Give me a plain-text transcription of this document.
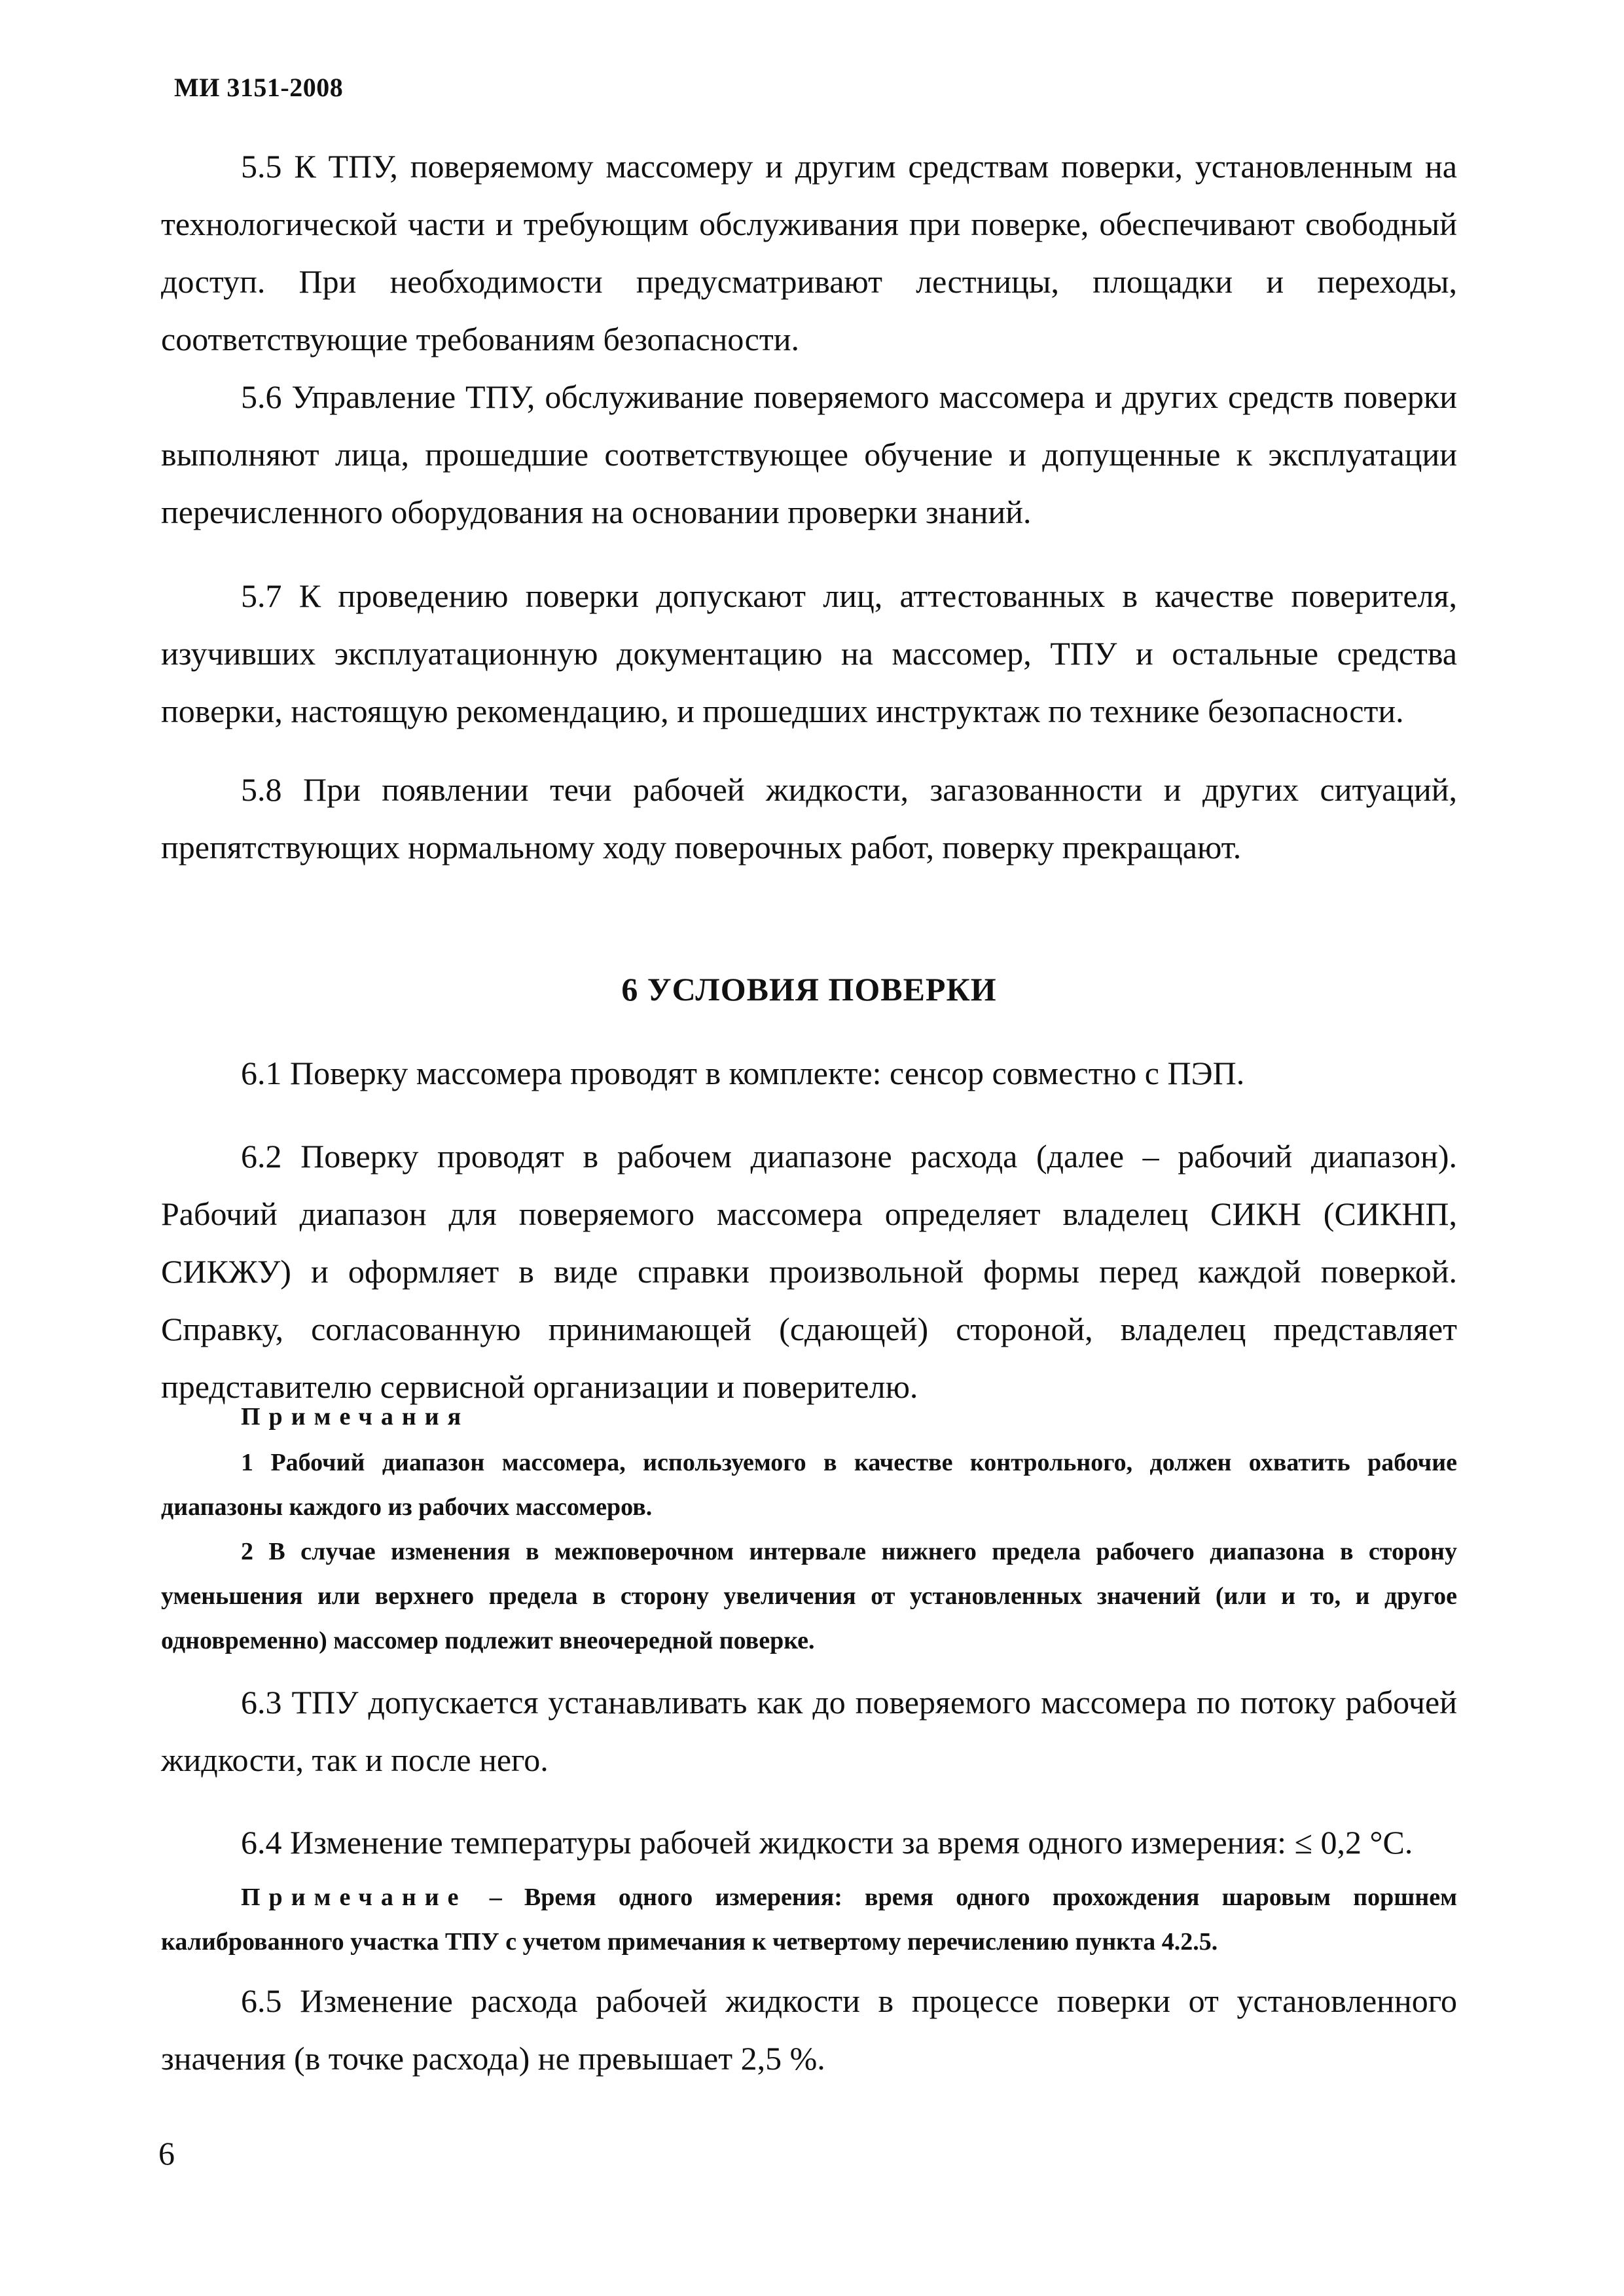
МИ 3151-2008

5.5 К ТПУ, поверяемому массомеру и другим средствам поверки, установленным на технологической части и требующим обслуживания при поверке, обеспечивают свободный доступ. При необходимости предусматривают лестницы, площадки и переходы, соответствующие требованиям безопасности.

5.6 Управление ТПУ, обслуживание поверяемого массомера и других средств поверки выполняют лица, прошедшие соответствующее обучение и допущенные к эксплуатации перечисленного оборудования на основании проверки знаний.

5.7 К проведению поверки допускают лиц, аттестованных в качестве поверителя, изучивших эксплуатационную документацию на массомер, ТПУ и остальные средства поверки, настоящую рекомендацию, и прошедших инструктаж по технике безопасности.

5.8 При появлении течи рабочей жидкости, загазованности и других ситуаций, препятствующих нормальному ходу поверочных работ, поверку прекращают.

6 УСЛОВИЯ ПОВЕРКИ

6.1 Поверку массомера проводят в комплекте: сенсор совместно с ПЭП.

6.2 Поверку проводят в рабочем диапазоне расхода (далее – рабочий диапазон). Рабочий диапазон для поверяемого массомера определяет владелец СИКН (СИКНП, СИКЖУ) и оформляет в виде справки произвольной формы перед каждой поверкой. Справку, согласованную принимающей (сдающей) стороной, владелец представляет представителю сервисной организации и поверителю.

Примечания

1 Рабочий диапазон массомера, используемого в качестве контрольного, должен охватить рабочие диапазоны каждого из рабочих массомеров.

2 В случае изменения в межповерочном интервале нижнего предела рабочего диапазона в сторону уменьшения или верхнего предела в сторону увеличения от установленных значений (или и то, и другое одновременно) массомер подлежит внеочередной поверке.

6.3 ТПУ допускается устанавливать как до поверяемого массомера по потоку рабочей жидкости, так и после него.

6.4 Изменение температуры рабочей жидкости за время одного измерения: ≤ 0,2 °С.

Примечание – Время одного измерения: время одного прохождения шаровым поршнем калиброванного участка ТПУ с учетом примечания к четвертому перечислению пункта 4.2.5.

6.5 Изменение расхода рабочей жидкости в процессе поверки от установленного значения (в точке расхода) не превышает 2,5 %.

6
